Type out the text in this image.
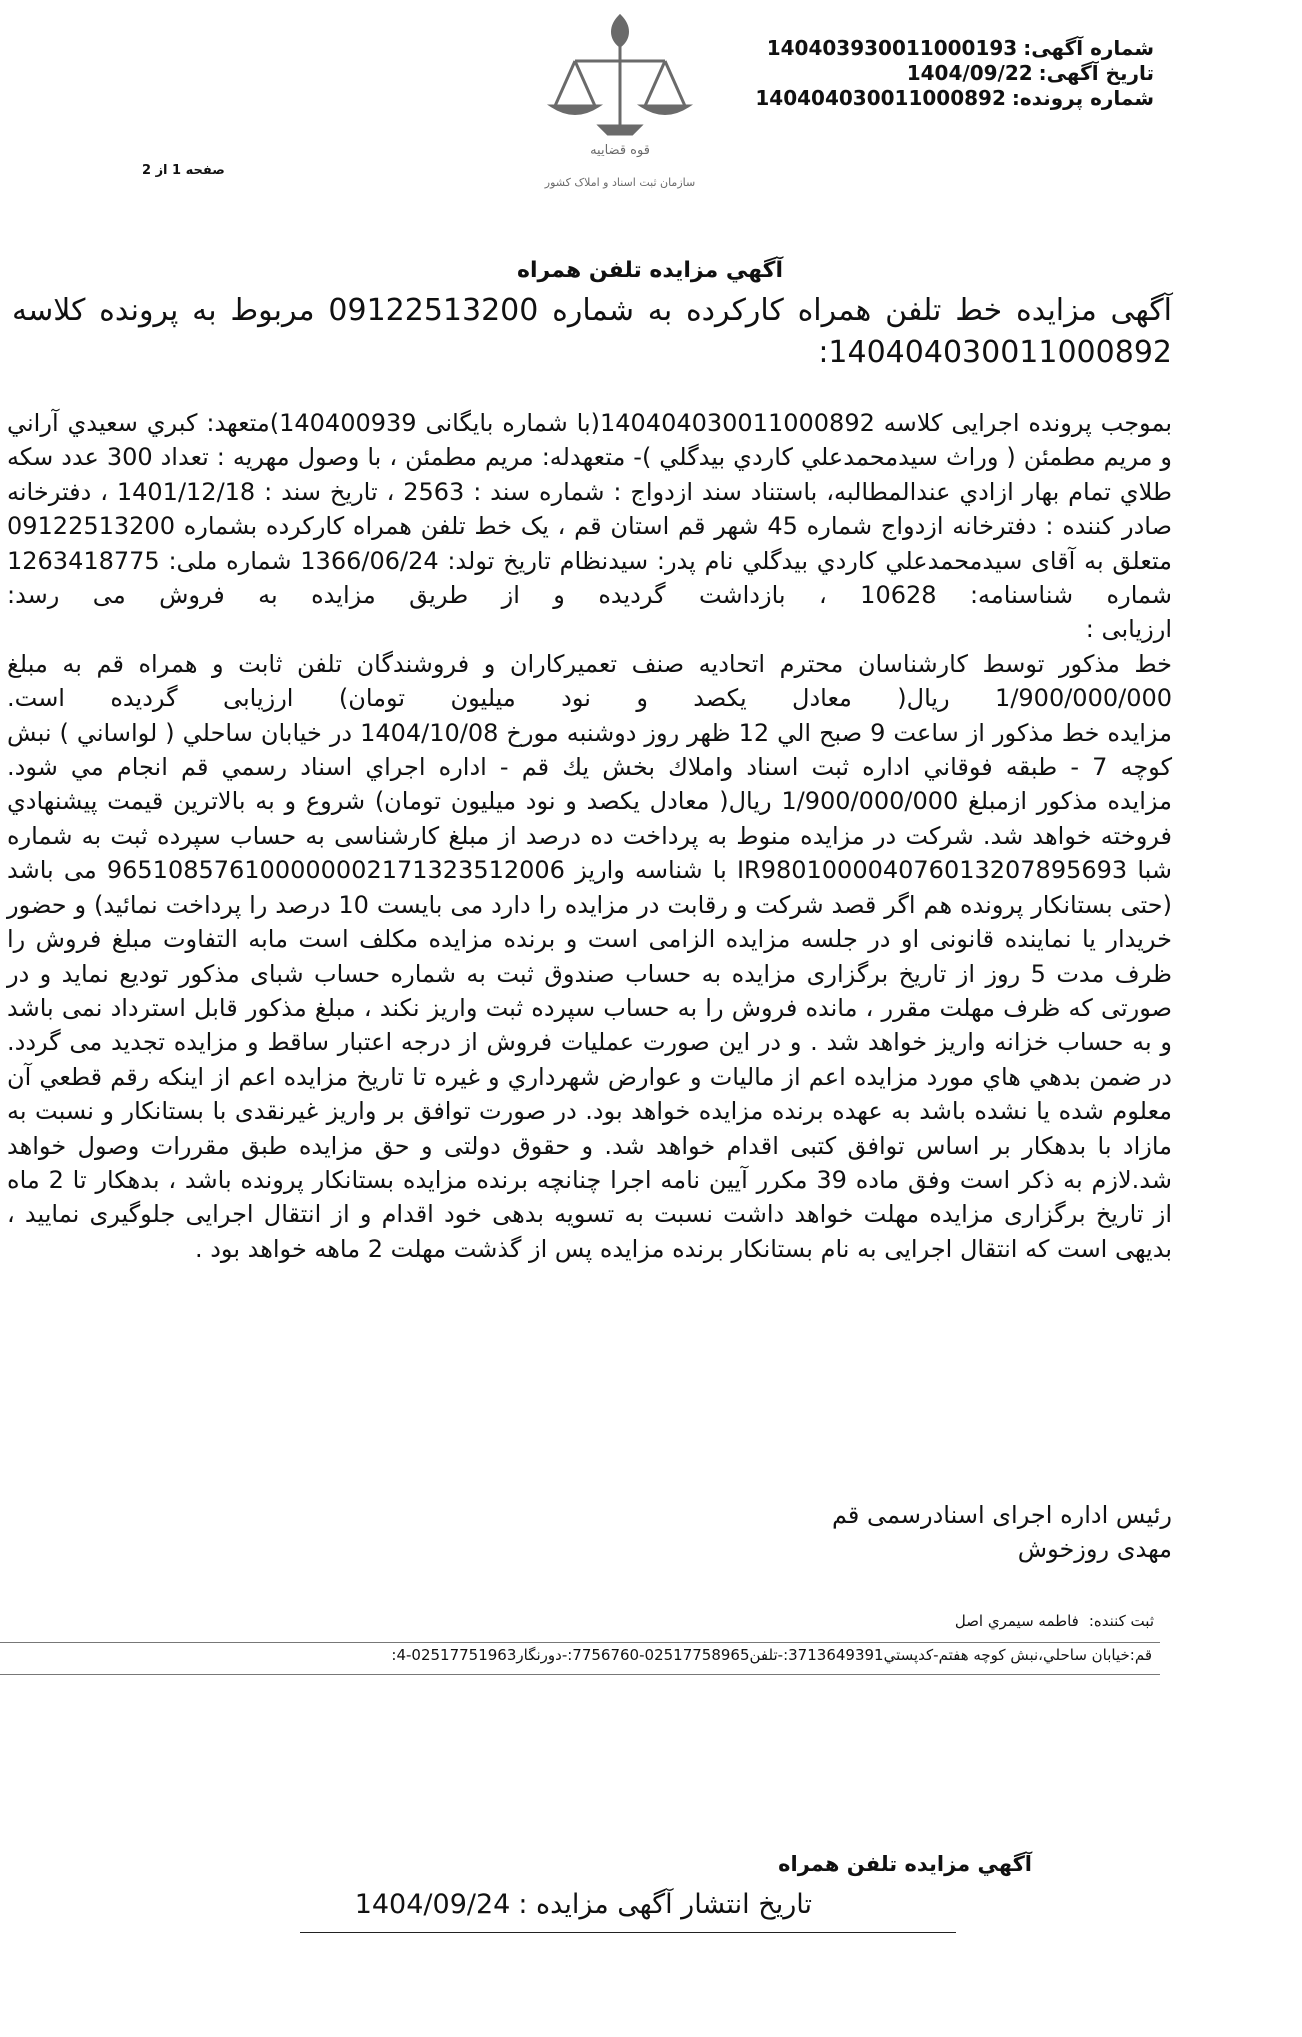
شماره آگهی:140403930011000193
تاریخ آگهی:1404/09/22
شماره پرونده:140404030011000892
قوه قضاییه
سازمان ثبت اسناد و املاک کشور
صفحه 1 از 2
آگهي مزايده تلفن همراه
آگهی مزایده خط تلفن همراه کارکرده به شماره 09122513200 مربوط به پرونده کلاسه 140404030011000892:

بموجب پرونده اجرایی کلاسه 140404030011000892(با شماره بایگانی 140400939)متعهد: کبري سعيدي آراني و مريم مطمئن ( وراث سيدمحمدعلي كاردي بيدگلي )- متعهدله: مريم مطمئن ، با وصول مهريه : تعداد 300 عدد سكه طلاي تمام بهار ازادي عندالمطالبه، باستناد سند ازدواج : شماره سند : 2563 ، تاریخ سند : 1401/12/18 ، دفترخانه صادر کننده : دفترخانه ازدواج شماره 45 شهر قم استان قم ، یک خط تلفن همراه کارکرده بشماره 09122513200 متعلق به آقای سیدمحمدعلي كاردي بيدگلي نام پدر: سیدنظام تاریخ تولد: 1366/06/24 شماره ملی: 1263418775 شماره شناسنامه: 10628 ، بازداشت گردیده و از طریق مزایده به فروش می رسد:

ارزیابی :

خط مذکور توسط کارشناسان محترم اتحادیه صنف تعمیرکاران و فروشندگان تلفن ثابت و همراه قم به مبلغ 1/900/000/000 ریال( معادل یکصد و نود میلیون تومان) ارزیابی گردیده است.

مزايده خط مذكور از ساعت 9 صبح الي 12 ظهر روز دوشنبه مورخ 1404/10/08 در خيابان ساحلي ( لواساني ) نبش كوچه 7 - طبقه فوقاني اداره ثبت اسناد واملاك بخش يك قم - اداره اجراي اسناد رسمي قم انجام مي شود.

مزایده مذکور ازمبلغ 1/900/000/000 ریال( معادل یکصد و نود میلیون تومان) شروع و به بالاترین قیمت پیشنهادي فروخته خواهد شد. شرکت در مزایده منوط به پرداخت ده درصد از مبلغ کارشناسی به حساب سپرده ثبت به شماره شبا IR980100004076013207895693 با شناسه واریز 965108576100000002171323512006 می باشد (حتی بستانکار پرونده هم اگر قصد شرکت و رقابت در مزایده را دارد می بایست 10 درصد را پرداخت نمائید) و حضور خریدار یا نماینده قانونی او در جلسه مزایده الزامی است و برنده مزایده مکلف است مابه التفاوت مبلغ فروش را ظرف مدت 5 روز از تاریخ برگزاری مزایده به حساب صندوق ثبت به شماره حساب شبای مذکور تودیع نماید و در صورتی که ظرف مهلت مقرر ، مانده فروش را به حساب سپرده ثبت واریز نکند ، مبلغ مذکور قابل استرداد نمی باشد و به حساب خزانه واریز خواهد شد . و در این صورت عملیات فروش از درجه اعتبار ساقط و مزایده تجدید می گردد. در ضمن بدهي هاي مورد مزايده اعم از ماليات و عوارض شهرداري و غيره تا تاريخ مزايده اعم از اينكه رقم قطعي آن معلوم شده يا نشده باشد به عهده برنده مزايده خواهد بود. در صورت توافق بر واریز غیرنقدی با بستانکار و نسبت به مازاد با بدهکار بر اساس توافق کتبی اقدام خواهد شد. و حقوق دولتی و حق مزایده طبق مقررات وصول خواهد شد.لازم به ذکر است وفق ماده 39 مکرر آیین نامه اجرا چنانچه برنده مزایده بستانکار پرونده باشد ، بدهکار تا 2 ماه از تاریخ برگزاری مزایده مهلت خواهد داشت نسبت به تسویه بدهی خود اقدام و از انتقال اجرایی جلوگیری نمایید ، بدیهی است که انتقال اجرایی به نام بستانکار برنده مزایده پس از گذشت مهلت 2 ماهه خواهد بود .

رئیس اداره اجرای اسنادرسمی قم
مهدی روزخوش
ثبت كننده:فاطمه سيمري اصل
قم:خيابان ساحلي،نبش كوچه هفتم-كدپستي3713649391:-تلفن02517758965-7756760:-دورنگار02517751963-4:
آگهي مزايده تلفن همراه
تاریخ انتشار آگهی مزایده :1404/09/24
